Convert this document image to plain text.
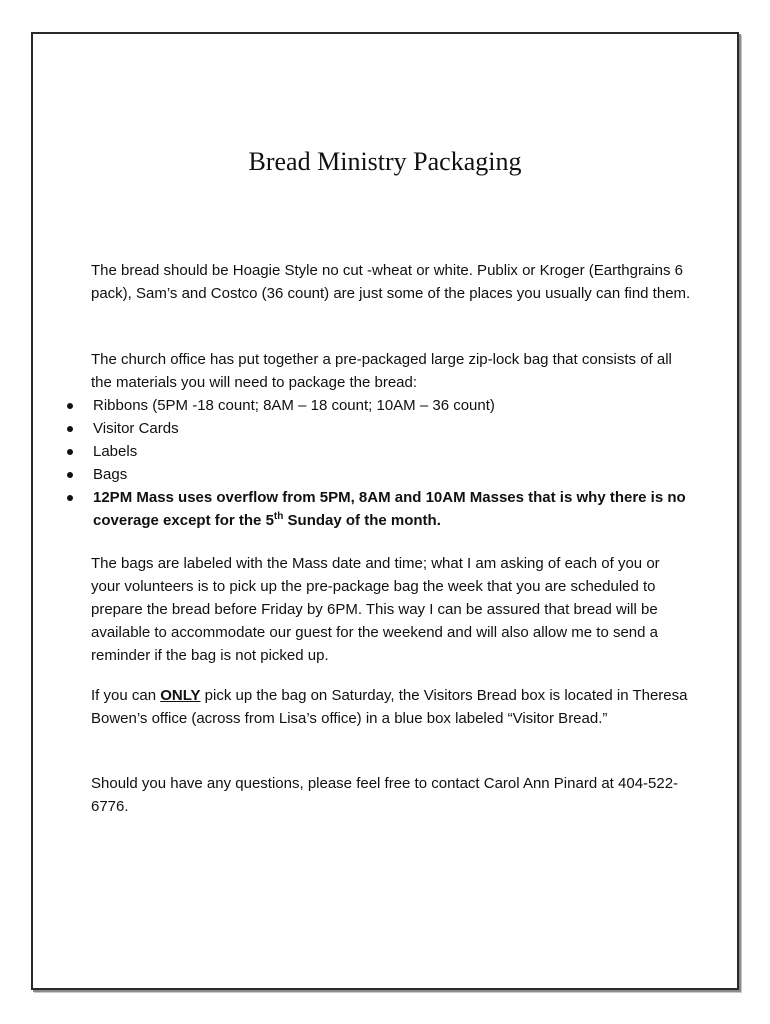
Bread Ministry Packaging

The bread should be Hoagie Style no cut -wheat or white. Publix or Kroger (Earthgrains 6 pack), Sam’s and Costco (36 count) are just some of the places you usually can find them.

The church office has put together a pre-packaged large zip-lock bag that consists of all the materials you will need to package the bread:

Ribbons (5PM -18 count; 8AM – 18 count; 10AM – 36 count)
Visitor Cards
Labels
Bags
12PM Mass uses overflow from 5PM, 8AM and 10AM Masses that is why there is no coverage except for the 5th Sunday of the month.

The bags are labeled with the Mass date and time; what I am asking of each of you or your volunteers is to pick up the pre-package bag the week that you are scheduled to prepare the bread before Friday by 6PM. This way I can be assured that bread will be available to accommodate our guest for the weekend and will also allow me to send a reminder if the bag is not picked up.

If you can ONLY pick up the bag on Saturday, the Visitors Bread box is located in Theresa Bowen’s office (across from Lisa’s office) in a blue box labeled “Visitor Bread.”

Should you have any questions, please feel free to contact Carol Ann Pinard at 404-522-6776.
